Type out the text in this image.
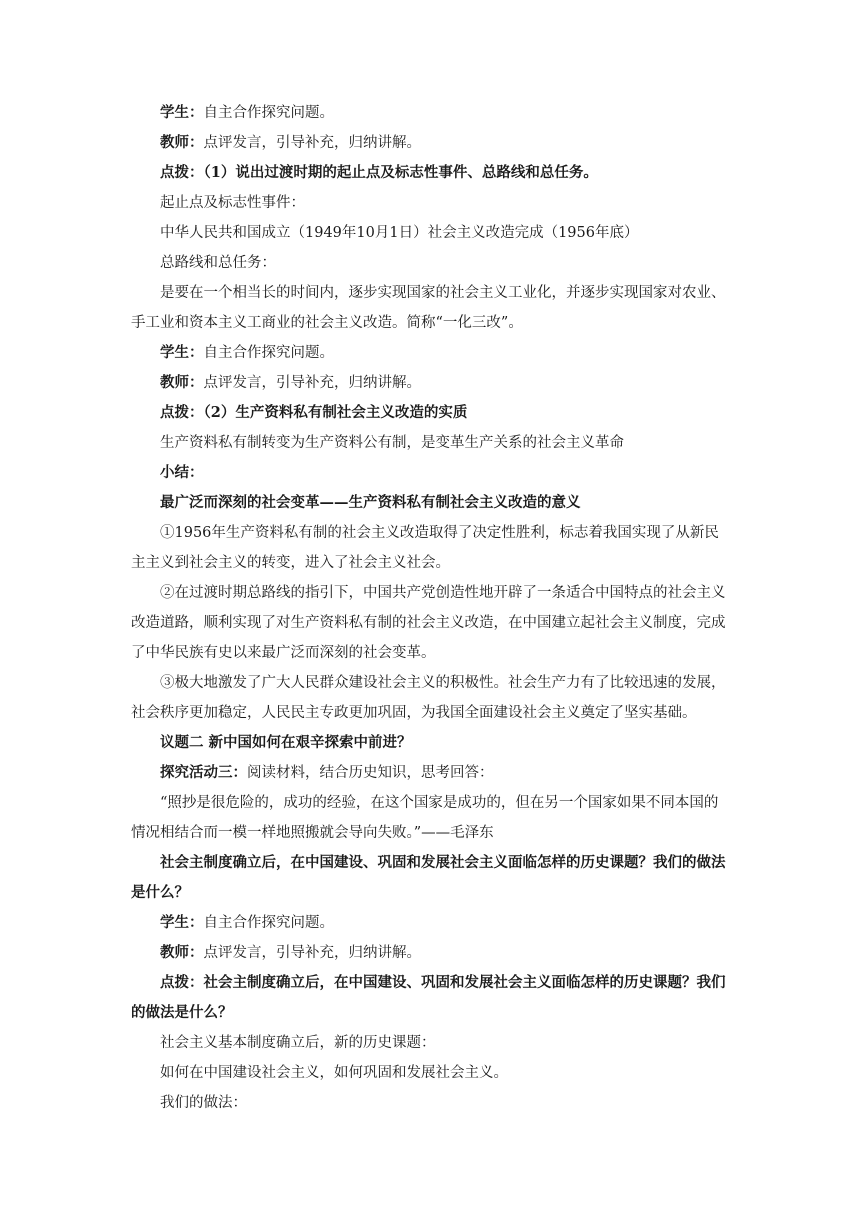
学生：自主合作探究问题。

教师：点评发言，引导补充，归纳讲解。

点拨：（1）说出过渡时期的起止点及标志性事件、总路线和总任务。

起止点及标志性事件：

中华人民共和国成立（1949年10月1日）社会主义改造完成（1956年底）

总路线和总任务：

是要在一个相当长的时间内，逐步实现国家的社会主义工业化，并逐步实现国家对农业、手工业和资本主义工商业的社会主义改造。简称“一化三改”。

学生：自主合作探究问题。

教师：点评发言，引导补充，归纳讲解。

点拨：（2）生产资料私有制社会主义改造的实质

生产资料私有制转变为生产资料公有制，是变革生产关系的社会主义革命

小结：

最广泛而深刻的社会变革——生产资料私有制社会主义改造的意义

①1956年生产资料私有制的社会主义改造取得了决定性胜利，标志着我国实现了从新民主主义到社会主义的转变，进入了社会主义社会。

②在过渡时期总路线的指引下，中国共产党创造性地开辟了一条适合中国特点的社会主义改造道路，顺利实现了对生产资料私有制的社会主义改造，在中国建立起社会主义制度，完成了中华民族有史以来最广泛而深刻的社会变革。

③极大地激发了广大人民群众建设社会主义的积极性。社会生产力有了比较迅速的发展，社会秩序更加稳定，人民民主专政更加巩固，为我国全面建设社会主义奠定了坚实基础。

议题二 新中国如何在艰辛探索中前进？

探究活动三：阅读材料，结合历史知识，思考回答：

“照抄是很危险的，成功的经验，在这个国家是成功的，但在另一个国家如果不同本国的情况相结合而一模一样地照搬就会导向失败。”——毛泽东

社会主制度确立后，在中国建设、巩固和发展社会主义面临怎样的历史课题？我们的做法是什么？

学生：自主合作探究问题。

教师：点评发言，引导补充，归纳讲解。

点拨：社会主制度确立后，在中国建设、巩固和发展社会主义面临怎样的历史课题？我们的做法是什么？

社会主义基本制度确立后，新的历史课题：

如何在中国建设社会主义，如何巩固和发展社会主义。

我们的做法：
